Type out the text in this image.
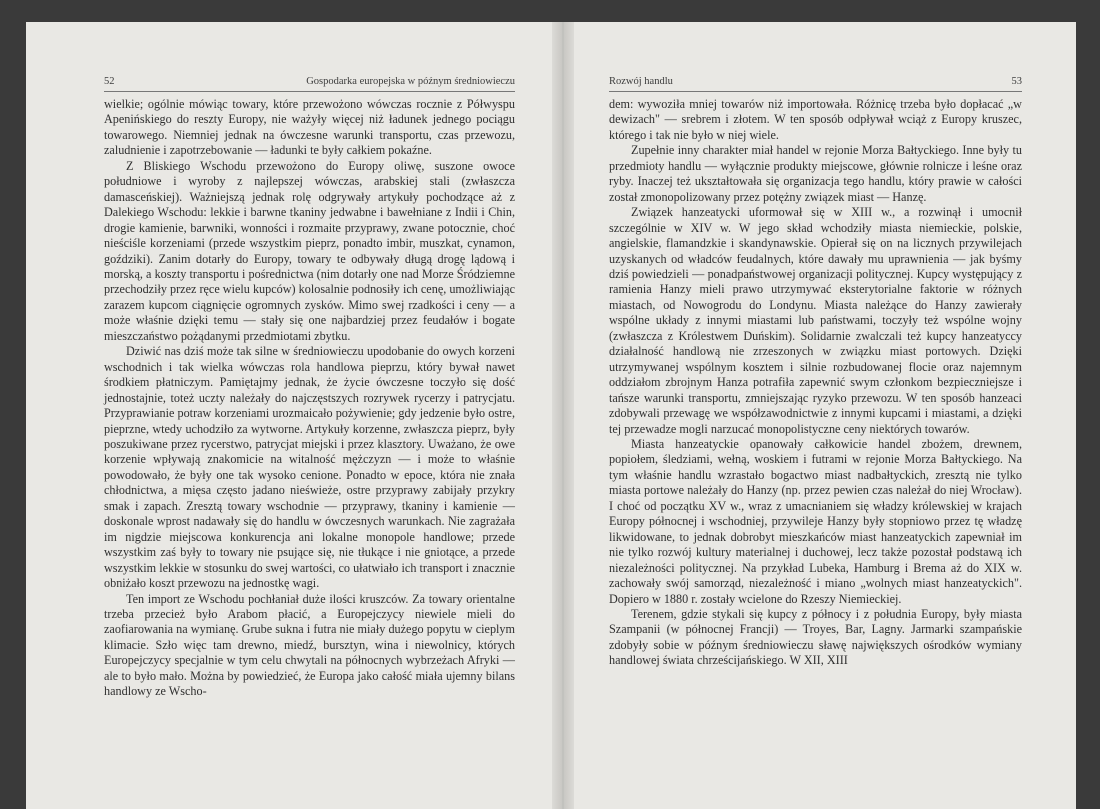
52	Gospodarka europejska w późnym średniowieczu

wielkie; ogólnie mówiąc towary, które przewożono wówczas rocznie z Półwyspu Apenińskiego do reszty Europy, nie ważyły więcej niż ładunek jednego pociągu towarowego. Niemniej jednak na ówczesne warunki transportu, czas przewozu, zaludnienie i zapotrzebowanie — ładunki te były całkiem pokaźne.

Z Bliskiego Wschodu przewożono do Europy oliwę, suszone owoce południowe i wyroby z najlepszej wówczas, arabskiej stali (zwłaszcza damasceńskiej). Ważniejszą jednak rolę odgrywały artykuły pochodzące aż z Dalekiego Wschodu: lekkie i barwne tkaniny jedwabne i bawełniane z Indii i Chin, drogie kamienie, barwniki, wonności i rozmaite przyprawy, zwane potocznie, choć nieściśle korzeniami (przede wszystkim pieprz, ponadto imbir, muszkat, cynamon, goździki). Zanim dotarły do Europy, towary te odbywały długą drogę lądową i morską, a koszty transportu i pośrednictwa (nim dotarły one nad Morze Śródziemne przechodziły przez ręce wielu kupców) kolosalnie podnosiły ich cenę, umożliwiając zarazem kupcom ciągnięcie ogromnych zysków. Mimo swej rzadkości i ceny — a może właśnie dzięki temu — stały się one najbardziej przez feudałów i bogate mieszczaństwo pożądanymi przedmiotami zbytku.

Dziwić nas dziś może tak silne w średniowieczu upodobanie do owych korzeni wschodnich i tak wielka wówczas rola handlowa pieprzu, który bywał nawet środkiem płatniczym. Pamiętajmy jednak, że życie ówczesne toczyło się dość jednostajnie, toteż uczty należały do najczęstszych rozrywek rycerzy i patrycjatu. Przyprawianie potraw korzeniami urozmaicało pożywienie; gdy jedzenie było ostre, pieprzne, wtedy uchodziło za wytworne. Artykuły korzenne, zwłaszcza pieprz, były poszukiwane przez rycerstwo, patrycjat miejski i przez klasztory. Uważano, że owe korzenie wpływają znakomicie na witalność mężczyzn — i może to właśnie powodowało, że były one tak wysoko cenione. Ponadto w epoce, która nie znała chłodnictwa, a mięsa często jadano nieświeże, ostre przyprawy zabijały przykry smak i zapach. Zresztą towary wschodnie — przyprawy, tkaniny i kamienie — doskonale wprost nadawały się do handlu w ówczesnych warunkach. Nie zagrażała im nigdzie miejscowa konkurencja ani lokalne monopole handlowe; przede wszystkim zaś były to towary nie psujące się, nie tłukące i nie gniotące, a przede wszystkim lekkie w stosunku do swej wartości, co ułatwiało ich transport i znacznie obniżało koszt przewozu na jednostkę wagi.

Ten import ze Wschodu pochłaniał duże ilości kruszców. Za towary orientalne trzeba przecież było Arabom płacić, a Europejczycy niewiele mieli do zaofiarowania na wymianę. Grube sukna i futra nie miały dużego popytu w cieplym klimacie. Szło więc tam drewno, miedź, bursztyn, wina i niewolnicy, których Europejczycy specjalnie w tym celu chwytali na północnych wybrzeżach Afryki — ale to było mało. Można by powiedzieć, że Europa jako całość miała ujemny bilans handlowy ze Wscho-

Rozwój handlu	53

dem: wywoziła mniej towarów niż importowała. Różnicę trzeba było dopłacać „w dewizach" — srebrem i złotem. W ten sposób odpływał wciąż z Europy kruszec, którego i tak nie było w niej wiele.

Zupełnie inny charakter miał handel w rejonie Morza Bałtyckiego. Inne były tu przedmioty handlu — wyłącznie produkty miejscowe, głównie rolnicze i leśne oraz ryby. Inaczej też ukształtowała się organizacja tego handlu, który prawie w całości został zmonopolizowany przez potężny związek miast — Hanzę.

Związek hanzeatycki uformował się w XIII w., a rozwinął i umocnił szczególnie w XIV w. W jego skład wchodziły miasta niemieckie, polskie, angielskie, flamandzkie i skandynawskie. Opierał się on na licznych przywilejach uzyskanych od władców feudalnych, które dawały mu uprawnienia — jak byśmy dziś powiedzieli — ponadpaństwowej organizacji politycznej. Kupcy występujący z ramienia Hanzy mieli prawo utrzymywać eksterytorialne faktorie w różnych miastach, od Nowogrodu do Londynu. Miasta należące do Hanzy zawierały wspólne układy z innymi miastami lub państwami, toczyły też wspólne wojny (zwłaszcza z Królestwem Duńskim). Solidarnie zwalczali też kupcy hanzeatyccy działalność handlową nie zrzeszonych w związku miast portowych. Dzięki utrzymywanej wspólnym kosztem i silnie rozbudowanej flocie oraz najemnym oddziałom zbrojnym Hanza potrafiła zapewnić swym członkom bezpieczniejsze i tańsze warunki transportu, zmniejszając ryzyko przewozu. W ten sposób hanzeaci zdobywali przewagę we współzawodnictwie z innymi kupcami i miastami, a dzięki tej przewadze mogli narzucać monopolistyczne ceny niektórych towarów.

Miasta hanzeatyckie opanowały całkowicie handel zbożem, drewnem, popiołem, śledziami, wełną, woskiem i futrami w rejonie Morza Bałtyckiego. Na tym właśnie handlu wzrastało bogactwo miast nadbałtyckich, zresztą nie tylko miasta portowe należały do Hanzy (np. przez pewien czas należał do niej Wrocław). I choć od początku XV w., wraz z umacnianiem się władzy królewskiej w krajach Europy północnej i wschodniej, przywileje Hanzy były stopniowo przez tę władzę likwidowane, to jednak dobrobyt mieszkańców miast hanzeatyckich zapewniał im nie tylko rozwój kultury materialnej i duchowej, lecz także pozostał podstawą ich niezależności politycznej. Na przykład Lubeka, Hamburg i Brema aż do XIX w. zachowały swój samorząd, niezależność i miano „wolnych miast hanzeatyckich". Dopiero w 1880 r. zostały wcielone do Rzeszy Niemieckiej.

Terenem, gdzie stykali się kupcy z północy i z południa Europy, były miasta Szampanii (w północnej Francji) — Troyes, Bar, Lagny. Jarmarki szampańskie zdobyły sobie w późnym średniowieczu sławę największych ośrodków wymiany handlowej świata chrześcijańskiego. W XII, XIII
